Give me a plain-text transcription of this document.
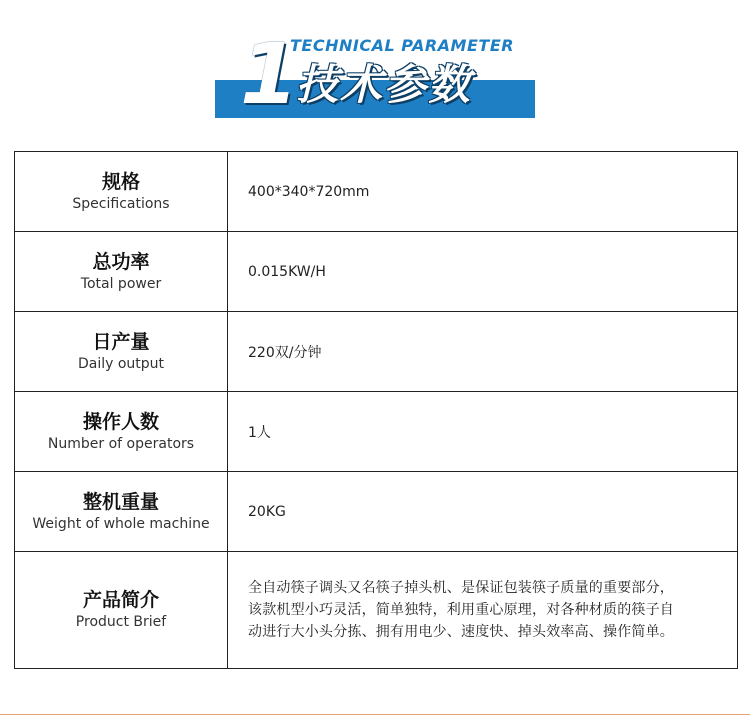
1
TECHNICAL PARAMETER
技术参数
规格
Specifications	400*340*720mm

总功率
Total power	0.015KW/H

日产量
Daily output	220双/分钟

操作人数
Number of operators	1人

整机重量
Weight of whole machine	20KG

产品简介
Product Brief	全自动筷子调头又名筷子掉头机、是保证包装筷子质量的重要部分，
该款机型小巧灵活，简单独特，利用重心原理，对各种材质的筷子自
动进行大小头分拣、拥有用电少、速度快、掉头效率高、操作简单。
